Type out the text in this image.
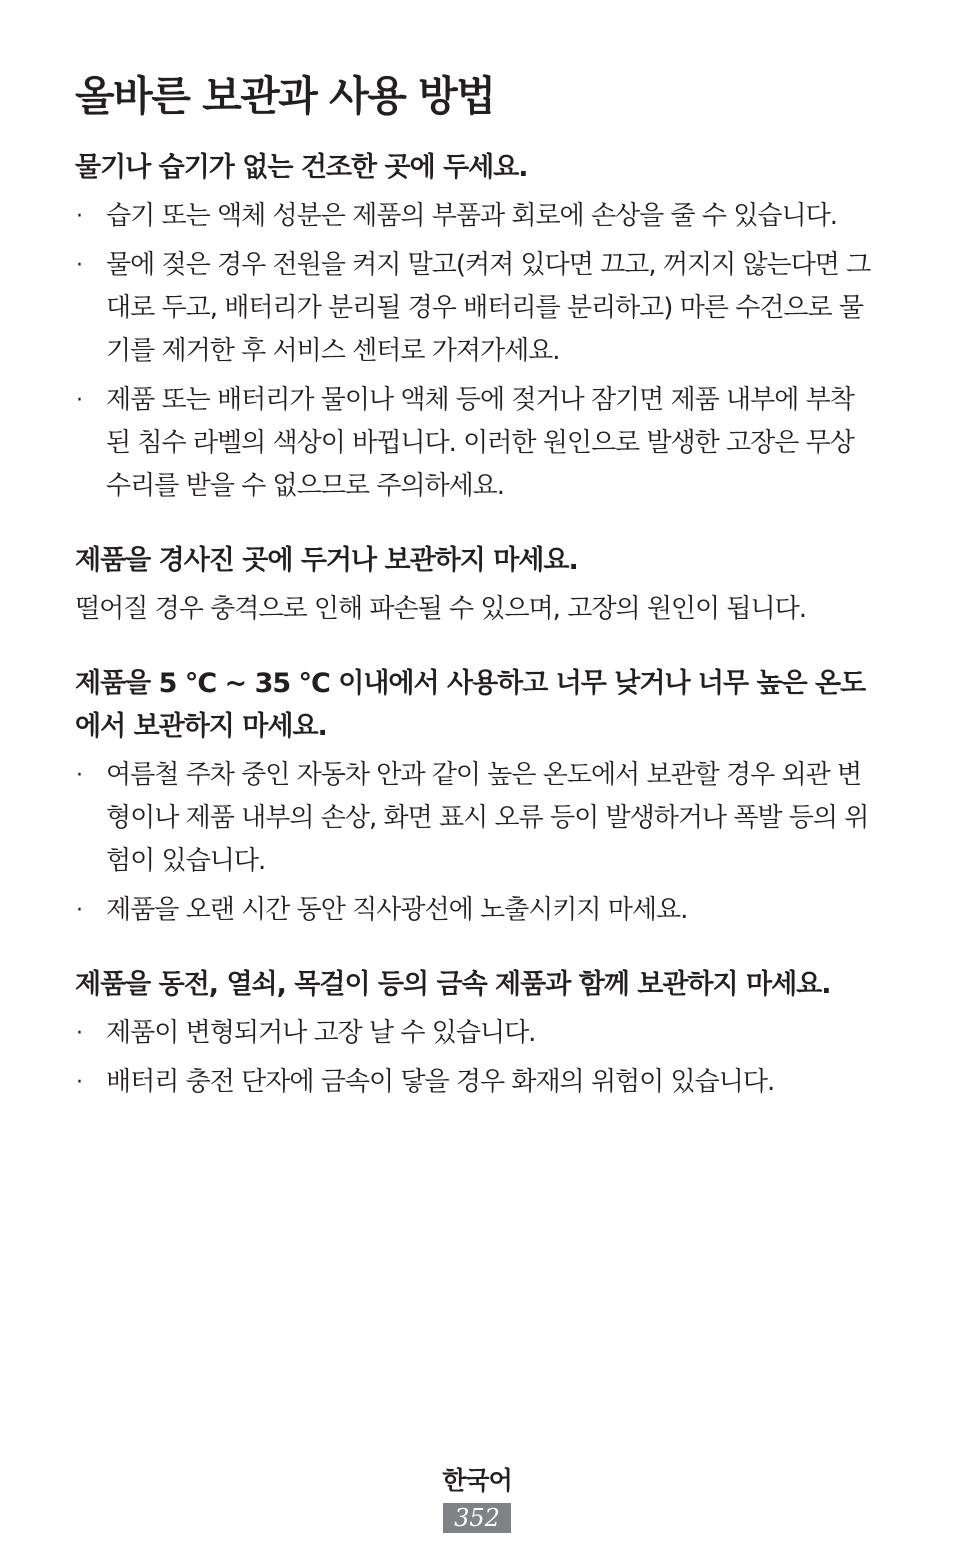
올바른 보관과 사용 방법
물기나 습기가 없는 건조한 곳에 두세요.
· 습기 또는 액체 성분은 제품의 부품과 회로에 손상을 줄 수 있습니다.
· 물에 젖은 경우 전원을 켜지 말고(켜져 있다면 끄고, 꺼지지 않는다면 그대로 두고, 배터리가 분리될 경우 배터리를 분리하고) 마른 수건으로 물기를 제거한 후 서비스 센터로 가져가세요.
· 제품 또는 배터리가 물이나 액체 등에 젖거나 잠기면 제품 내부에 부착된 침수 라벨의 색상이 바뀝니다. 이러한 원인으로 발생한 고장은 무상 수리를 받을 수 없으므로 주의하세요.
제품을 경사진 곳에 두거나 보관하지 마세요.

떨어질 경우 충격으로 인해 파손될 수 있으며, 고장의 원인이 됩니다.

제품을 5 °C ~ 35 °C 이내에서 사용하고 너무 낮거나 너무 높은 온도에서 보관하지 마세요.
· 여름철 주차 중인 자동차 안과 같이 높은 온도에서 보관할 경우 외관 변형이나 제품 내부의 손상, 화면 표시 오류 등이 발생하거나 폭발 등의 위험이 있습니다.
· 제품을 오랜 시간 동안 직사광선에 노출시키지 마세요.
제품을 동전, 열쇠, 목걸이 등의 금속 제품과 함께 보관하지 마세요.
· 제품이 변형되거나 고장 날 수 있습니다.
· 배터리 충전 단자에 금속이 닿을 경우 화재의 위험이 있습니다.
한국어
352
